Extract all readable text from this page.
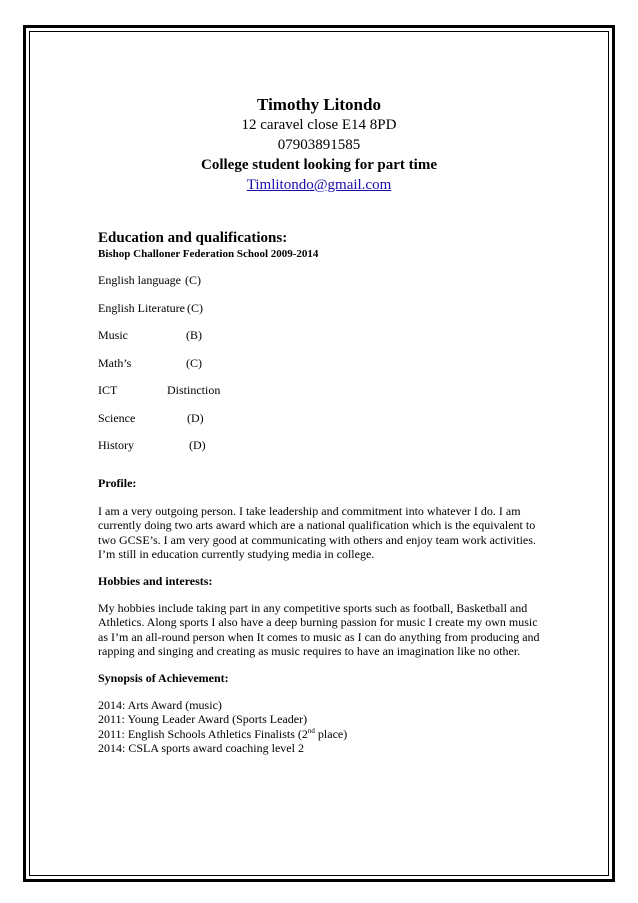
Timothy Litondo
12 caravel close E14 8PD
07903891585
College student looking for part time
Timlitondo@gmail.com
Education and qualifications:
Bishop Challoner Federation School 2009-2014
English language (C)
English Literature (C)
Music	(B)
Math’s	(C)
ICT	Distinction
Science	(D)
History	(D)
Profile:
I am a very outgoing person. I take leadership and commitment into whatever I do. I am
currently doing two arts award which are a national qualification which is the equivalent to
two GCSE’s. I am very good at communicating with others and enjoy team work activities.
I’m still in education currently studying media in college.
Hobbies and interests:
My hobbies include taking part in any competitive sports such as football, Basketball and
Athletics. Along sports I also have a deep burning passion for music I create my own music
as I’m an all-round person when It comes to music as I can do anything from producing and
rapping and singing and creating as music requires to have an imagination like no other.
Synopsis of Achievement:
2014: Arts Award (music)
2011: Young Leader Award (Sports Leader)
2011: English Schools Athletics Finalists (2nd place)
2014: CSLA sports award coaching level 2
